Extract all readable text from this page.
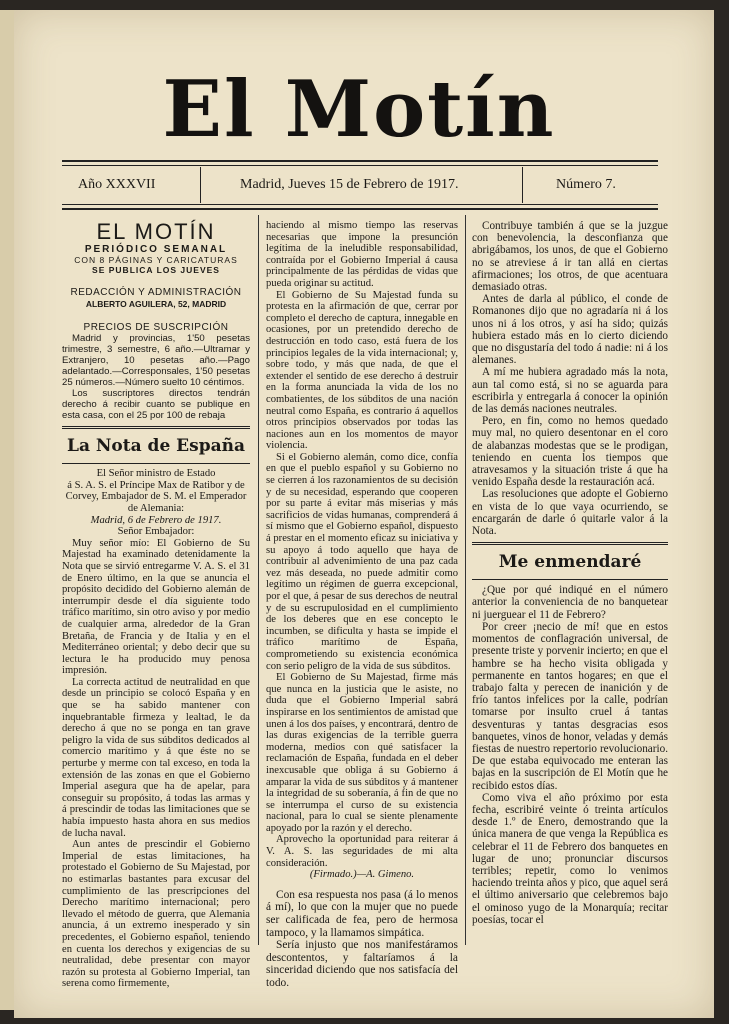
El Motín
Año XXXVII	Madrid, Jueves 15 de Febrero de 1917.	Número 7.
EL MOTÍN
PERIÓDICO SEMANAL
CON 8 PÁGINAS Y CARICATURAS
SE PUBLICA LOS JUEVES
REDACCIÓN Y ADMINISTRACIÓN
ALBERTO AGUILERA, 52, MADRID
PRECIOS DE SUSCRIPCIÓN

Madrid y provincias, 1'50 pesetas trimestre, 3 semestre, 6 año.—Ultramar y Extranjero, 10 pesetas año.—Pago adelantado.—Corresponsales, 1'50 pesetas 25 números.—Número suelto 10 céntimos.

Los suscriptores directos tendrán derecho á recibir cuanto se publique en esta casa, con el 25 por 100 de rebaja

La Nota de España

El Señor ministro de Estado

á S. A. S. el Príncipe Max de Ratibor y de Corvey, Embajador de S. M. el Emperador de Alemania:

Madrid, 6 de Febrero de 1917.

Señor Embajador:

Muy señor mío: El Gobierno de Su Majestad ha examinado detenidamente la Nota que se sirvió entregarme V. A. S. el 31 de Enero último, en la que se anuncia el propósito decidido del Gobierno alemán de interrumpir desde el día siguiente todo tráfico marítimo, sin otro aviso y por medio de cualquier arma, alrededor de la Gran Bretaña, de Francia y de Italia y en el Mediterráneo oriental; y debo decir que su lectura le ha producido muy penosa impresión.

La correcta actitud de neutralidad en que desde un principio se colocó España y en que se ha sabido mantener con inquebrantable firmeza y lealtad, le da derecho á que no se ponga en tan grave peligro la vida de sus súbditos dedicados al comercio marítimo y á que éste no se perturbe y merme con tal exceso, en toda la extensión de las zonas en que el Gobierno Imperial asegura que ha de apelar, para conseguir su propósito, á todas las armas y á prescindir de todas las limitaciones que se había impuesto hasta ahora en sus medios de lucha naval.

Aun antes de prescindir el Gobierno Imperial de estas limitaciones, ha protestado el Gobierno de Su Majestad, por no estimarlas bastantes para excusar del cumplimiento de las prescripciones del Derecho marítimo internacional; pero llevado el método de guerra, que Alemania anuncia, á un extremo inesperado y sin precedentes, el Gobierno español, teniendo en cuenta los derechos y exigencias de su neutralidad, debe presentar con mayor razón su protesta al Gobierno Imperial, tan serena como firmemente,

haciendo al mismo tiempo las reservas necesarias que impone la presunción legítima de la ineludible responsabilidad, contraída por el Gobierno Imperial á causa principalmente de las pérdidas de vidas que pueda originar su actitud.

El Gobierno de Su Majestad funda su protesta en la afirmación de que, cerrar por completo el derecho de captura, innegable en ocasiones, por un pretendido derecho de destrucción en todo caso, está fuera de los principios legales de la vida internacional; y, sobre todo, y más que nada, de que el extender el sentido de ese derecho á destruir en la forma anunciada la vida de los no combatientes, de los súbditos de una nación neutral como España, es contrario á aquellos otros principios observados por todas las naciones aun en los momentos de mayor violencia.

Si el Gobierno alemán, como dice, confía en que el pueblo español y su Gobierno no se cierren á los razonamientos de su decisión y de su necesidad, esperando que cooperen por su parte á evitar más miserias y más sacrificios de vidas humanas, comprenderá á sí mismo que el Gobierno español, dispuesto á prestar en el momento eficaz su iniciativa y su apoyo á todo aquello que haya de contribuir al advenimiento de una paz cada vez más deseada, no puede admitir como legítimo un régimen de guerra excepcional, por el que, á pesar de sus derechos de neutral y de su escrupulosidad en el cumplimiento de los deberes que en ese concepto le incumben, se dificulta y hasta se impide el tráfico marítimo de España, comprometiendo su existencia económica con serio peligro de la vida de sus súbditos.

El Gobierno de Su Majestad, firme más que nunca en la justicia que le asiste, no duda que el Gobierno Imperial sabrá inspirarse en los sentimientos de amistad que unen á los dos países, y encontrará, dentro de las duras exigencias de la terrible guerra moderna, medios con qué satisfacer la reclamación de España, fundada en el deber inexcusable que obliga á su Gobierno á amparar la vida de sus súbditos y á mantener la integridad de su soberanía, á fin de que no se interrumpa el curso de su existencia nacional, para lo cual se siente plenamente apoyado por la razón y el derecho.

Aprovecho la oportunidad para reiterar á V. A. S. las seguridades de mi alta consideración.

(Firmado.)—A. Gimeno.

Con esa respuesta nos pasa (á lo menos á mí), lo que con la mujer que no puede ser calificada de fea, pero de hermosa tampoco, y la llamamos simpática.

Sería injusto que nos manifestáramos descontentos, y faltaríamos á la sinceridad diciendo que nos satisfacía del todo.

Contribuye también á que se la juzgue con benevolencia, la desconfianza que abrigábamos, los unos, de que el Gobierno no se atreviese á ir tan allá en ciertas afirmaciones; los otros, de que acentuara demasiado otras.

Antes de darla al público, el conde de Romanones dijo que no agradaría ni á los unos ni á los otros, y así ha sido; quizás hubiera estado más en lo cierto diciendo que no disgustaría del todo á nadie: ni á los alemanes.

A mí me hubiera agradado más la nota, aun tal como está, si no se aguarda para escribirla y entregarla á conocer la opinión de las demás naciones neutrales.

Pero, en fin, como no hemos quedado muy mal, no quiero desentonar en el coro de alabanzas modestas que se le prodigan, teniendo en cuenta los tiempos que atravesamos y la situación triste á que ha venido España desde la restauración acá.

Las resoluciones que adopte el Gobierno en vista de lo que vaya ocurriendo, se encargarán de darle ó quitarle valor á la Nota.

Me enmendaré

¿Que por qué indiqué en el número anterior la conveniencia de no banquetear ni juerguear el 11 de Febrero?

Por creer ¡necio de mí! que en estos momentos de conflagración universal, de presente triste y porvenir incierto; en que el hambre se ha hecho visita obligada y permanente en tantos hogares; en que el trabajo falta y perecen de inanición y de frío tantos infelices por la calle, podrían tomarse por insulto cruel á tantas desventuras y tantas desgracias esos banquetes, vinos de honor, veladas y demás fiestas de nuestro repertorio revolucionario. De que estaba equivocado me enteran las bajas en la suscripción de El Motín que he recibido estos días.

Como viva el año próximo por esta fecha, escribiré veinte ó treinta artículos desde 1.º de Enero, demostrando que la única manera de que venga la República es celebrar el 11 de Febrero dos banquetes en lugar de uno; pronunciar discursos terribles; repetir, como lo venimos haciendo treinta años y pico, que aquel será el último aniversario que celebremos bajo el ominoso yugo de la Monarquía; recitar poesías, tocar el
